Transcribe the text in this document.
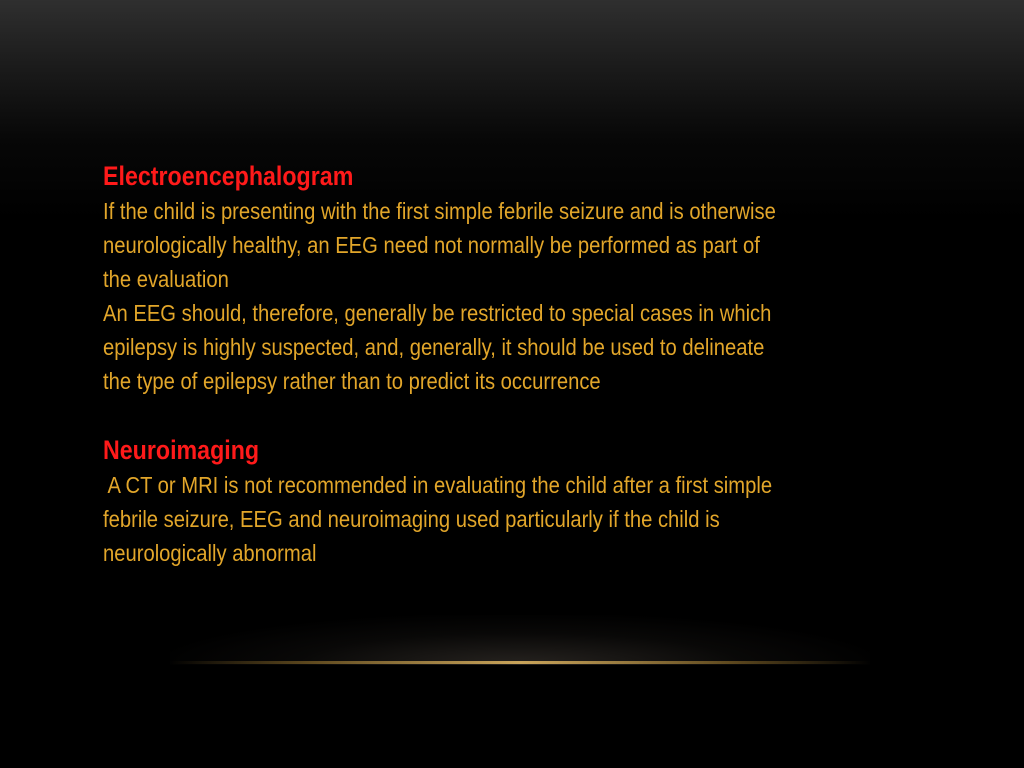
Electroencephalogram
If the child is presenting with the first simple febrile seizure and is otherwise
neurologically healthy, an EEG need not normally be performed as part of
the evaluation
An EEG should, therefore, generally be restricted to special cases in which
epilepsy is highly suspected, and, generally, it should be used to delineate
the type of epilepsy rather than to predict its occurrence
Neuroimaging
A CT or MRI is not recommended in evaluating the child after a first simple
febrile seizure, EEG and neuroimaging used particularly if the child is
neurologically abnormal
